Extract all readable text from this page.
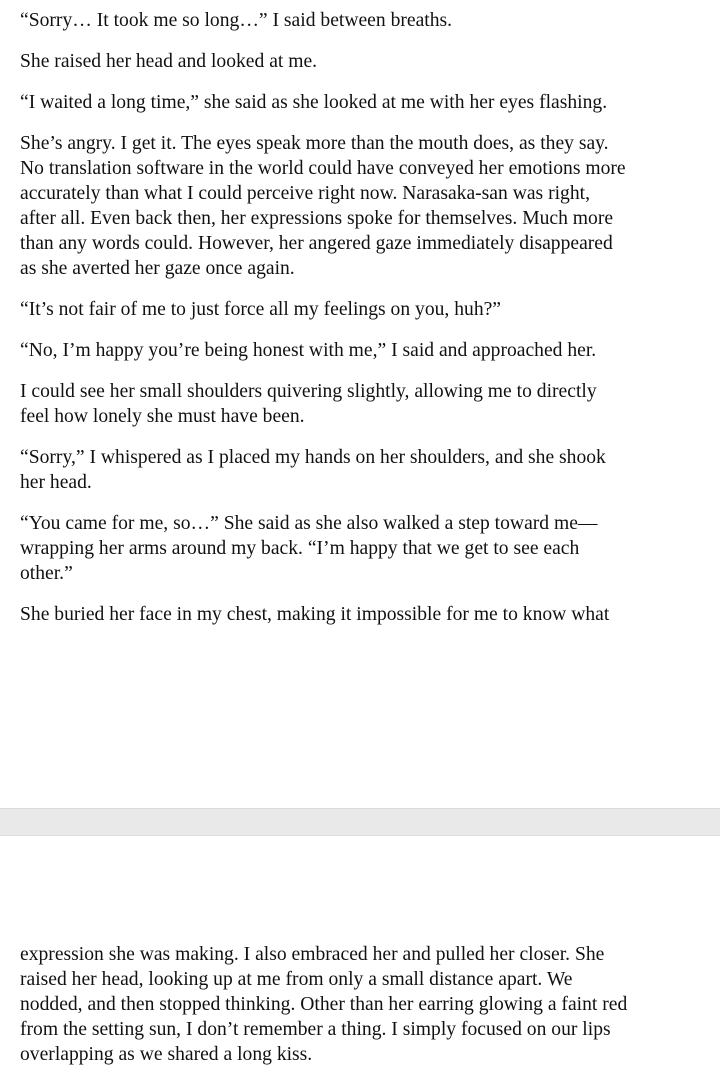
“Sorry… It took me so long…” I said between breaths.

She raised her head and looked at me.

“I waited a long time,” she said as she looked at me with her eyes flashing.

She’s angry. I get it. The eyes speak more than the mouth does, as they say.
No translation software in the world could have conveyed her emotions more
accurately than what I could perceive right now. Narasaka-san was right,
after all. Even back then, her expressions spoke for themselves. Much more
than any words could. However, her angered gaze immediately disappeared
as she averted her gaze once again.

“It’s not fair of me to just force all my feelings on you, huh?”

“No, I’m happy you’re being honest with me,” I said and approached her.

I could see her small shoulders quivering slightly, allowing me to directly
feel how lonely she must have been.

“Sorry,” I whispered as I placed my hands on her shoulders, and she shook
her head.

“You came for me, so…” She said as she also walked a step toward me—
wrapping her arms around my back. “I’m happy that we get to see each
other.”

She buried her face in my chest, making it impossible for me to know what

expression she was making. I also embraced her and pulled her closer. She
raised her head, looking up at me from only a small distance apart. We
nodded, and then stopped thinking. Other than her earring glowing a faint red
from the setting sun, I don’t remember a thing. I simply focused on our lips
overlapping as we shared a long kiss.
